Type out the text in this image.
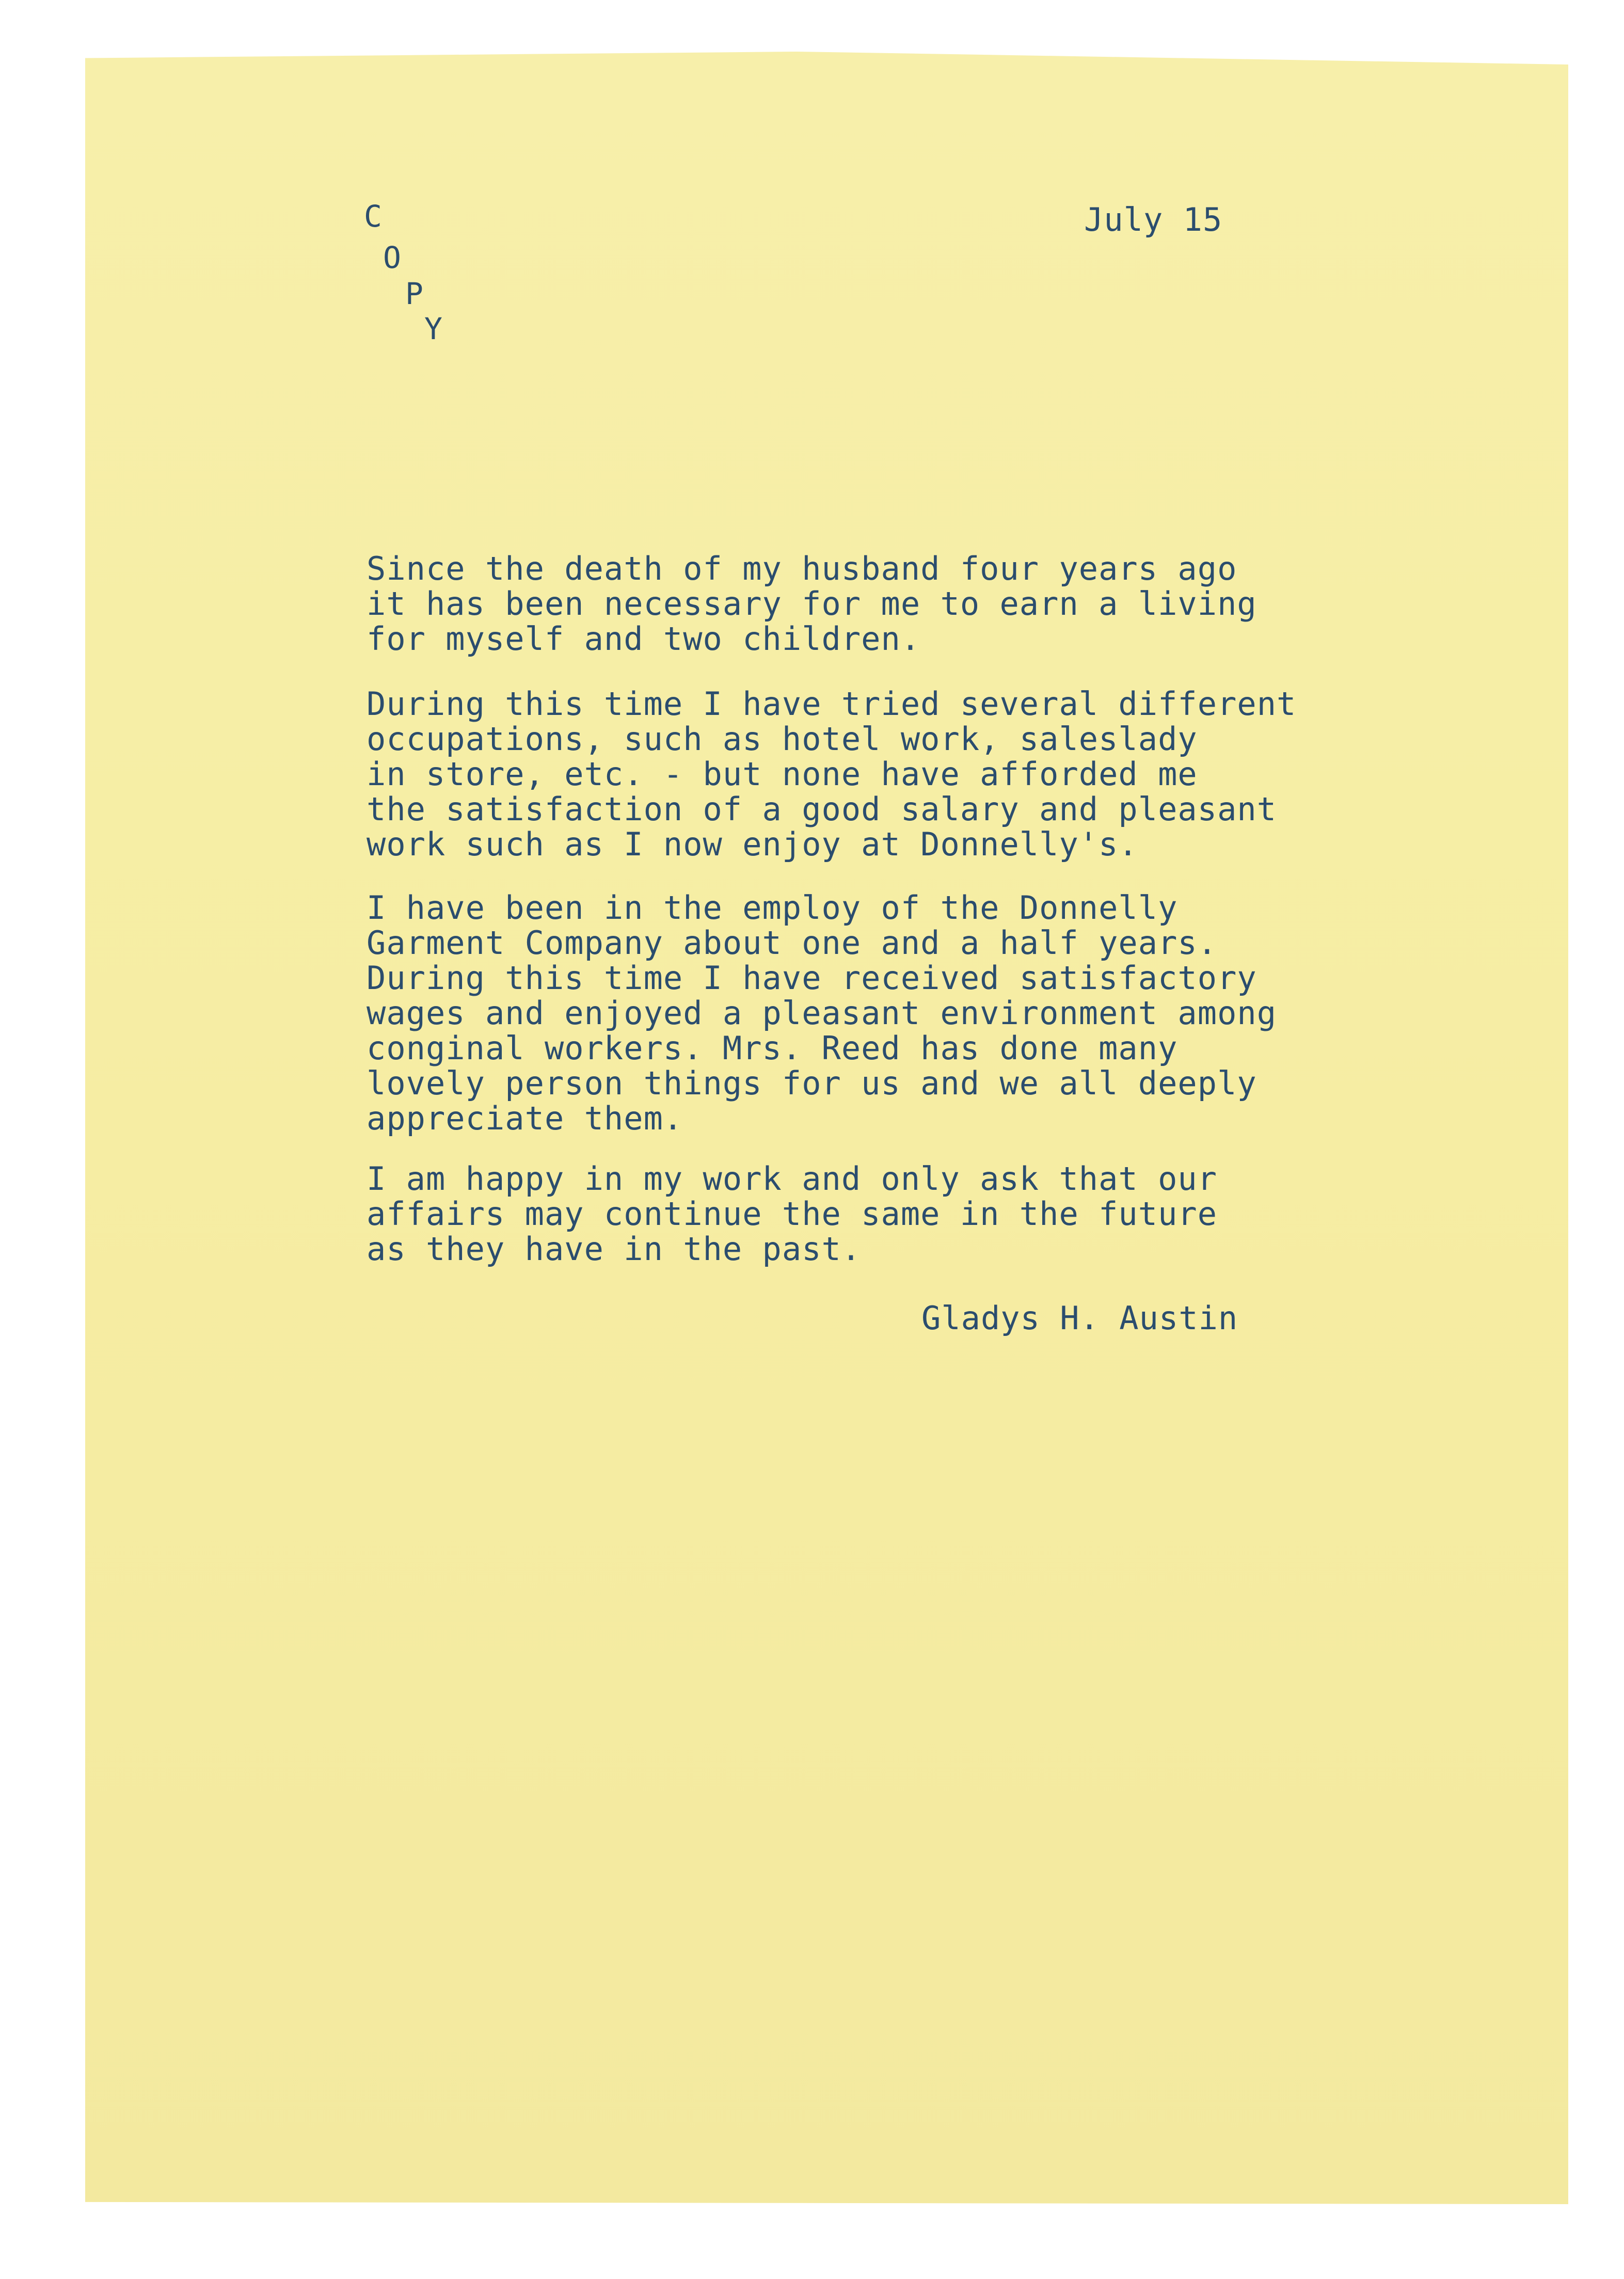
C
O
P
Y
July 15
Since the death of my husband four years ago
it has been necessary for me to earn a living
for myself and two children.
During this time I have tried several different
occupations, such as hotel work, saleslady
in store, etc. - but none have afforded me
the satisfaction of a good salary and pleasant
work such as I now enjoy at Donnelly's.
I have been in the employ of the Donnelly
Garment Company about one and a half years.
During this time I have received satisfactory
wages and enjoyed a pleasant environment among
conginal workers. Mrs. Reed has done many
lovely person things for us and we all deeply
appreciate them.
I am happy in my work and only ask that our
affairs may continue the same in the future
as they have in the past.
Gladys H. Austin
